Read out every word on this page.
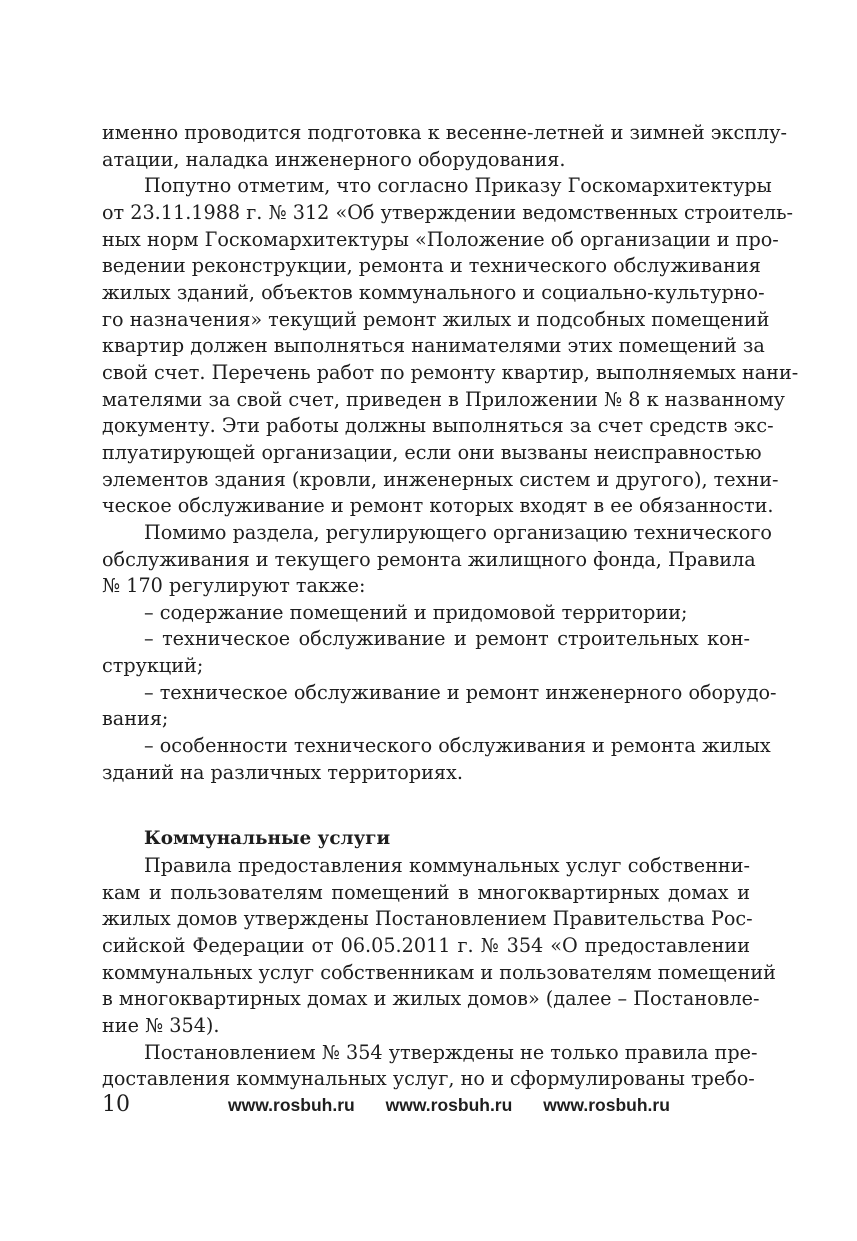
именно проводится подготовка к весенне-летней и зимней эксплу-
атации, наладка инженерного оборудования.
Попутно отметим, что согласно Приказу Госкомархитектуры
от 23.11.1988 г. № 312 «Об утверждении ведомственных строитель-
ных норм Госкомархитектуры «Положение об организации и про-
ведении реконструкции, ремонта и технического обслуживания
жилых зданий, объектов коммунального и социально-культурно-
го назначения» текущий ремонт жилых и подсобных помещений
квартир должен выполняться нанимателями этих помещений за
свой счет. Перечень работ по ремонту квартир, выполняемых нани-
мателями за свой счет, приведен в Приложении № 8 к названному
документу. Эти работы должны выполняться за счет средств экс-
плуатирующей организации, если они вызваны неисправностью
элементов здания (кровли, инженерных систем и другого), техни-
ческое обслуживание и ремонт которых входят в ее обязанности.
Помимо раздела, регулирующего организацию технического
обслуживания и текущего ремонта жилищного фонда, Правила
№ 170 регулируют также:
– содержание помещений и придомовой территории;
– техническое обслуживание и ремонт строительных кон-
струкций;
– техническое обслуживание и ремонт инженерного оборудо-
вания;
– особенности технического обслуживания и ремонта жилых
зданий на различных территориях.
Коммунальные услуги
Правила предоставления коммунальных услуг собственни-
кам и пользователям помещений в многоквартирных домах и
жилых домов утверждены Постановлением Правительства Рос-
сийской Федерации от 06.05.2011 г. № 354 «О предоставлении
коммунальных услуг собственникам и пользователям помещений
в многоквартирных домах и жилых домов» (далее – Постановле-
ние № 354).
Постановлением № 354 утверждены не только правила пре-
доставления коммунальных услуг, но и сформулированы требо-
10	www.rosbuh.ru www.rosbuh.ru www.rosbuh.ru
